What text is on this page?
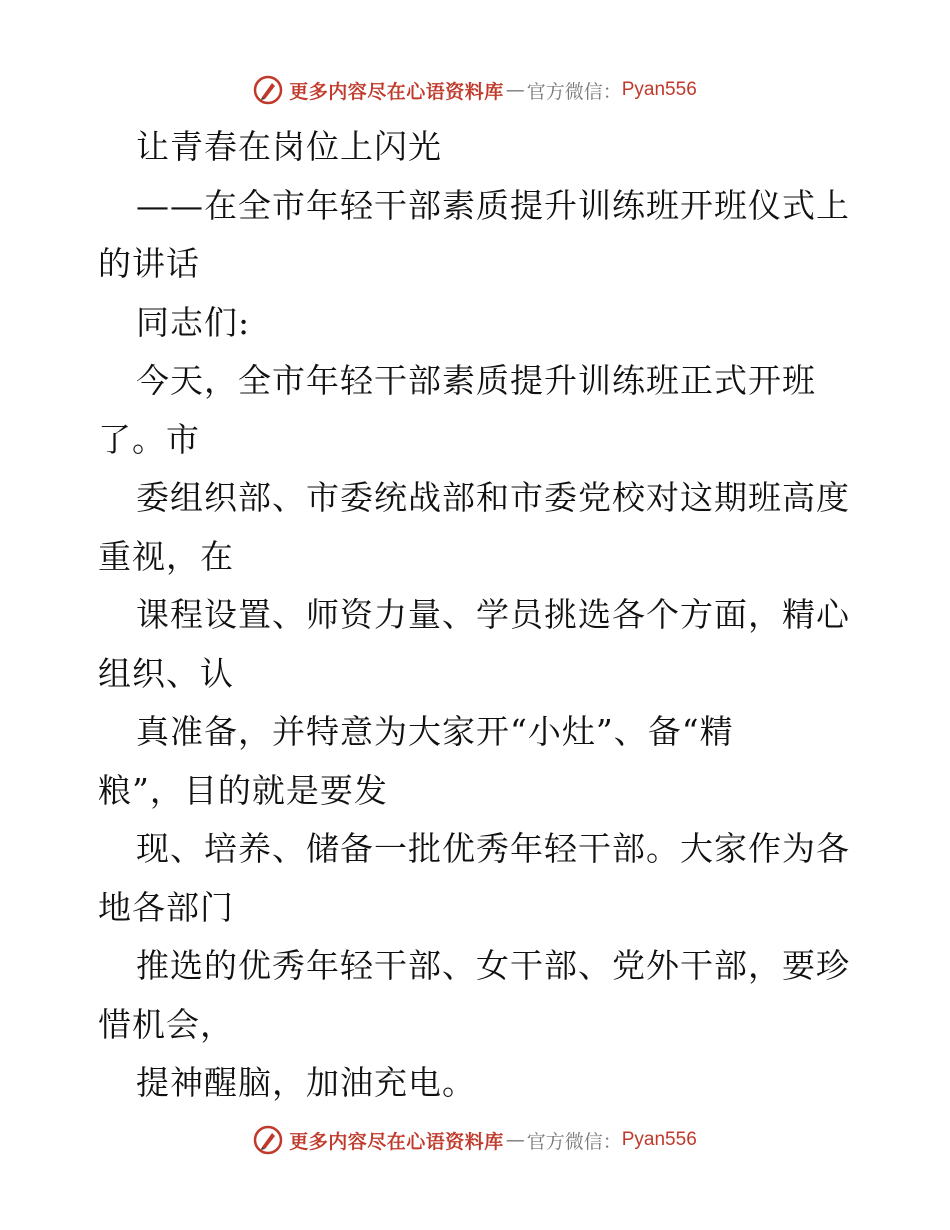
更多内容尽在心语资料库 — 官方微信： Pyan556
让青春在岗位上闪光
——在全市年轻干部素质提升训练班开班仪式上
的讲话
同志们:
今天，全市年轻干部素质提升训练班正式开班
了。市
委组织部、市委统战部和市委党校对这期班高度
重视，在
课程设置、师资力量、学员挑选各个方面，精心
组织、认
真准备，并特意为大家开“小灶”、备“精
粮”，目的就是要发
现、培养、储备一批优秀年轻干部。大家作为各
地各部门
推选的优秀年轻干部、女干部、党外干部，要珍
惜机会，
提神醒脑，加油充电。
更多内容尽在心语资料库 — 官方微信： Pyan556
